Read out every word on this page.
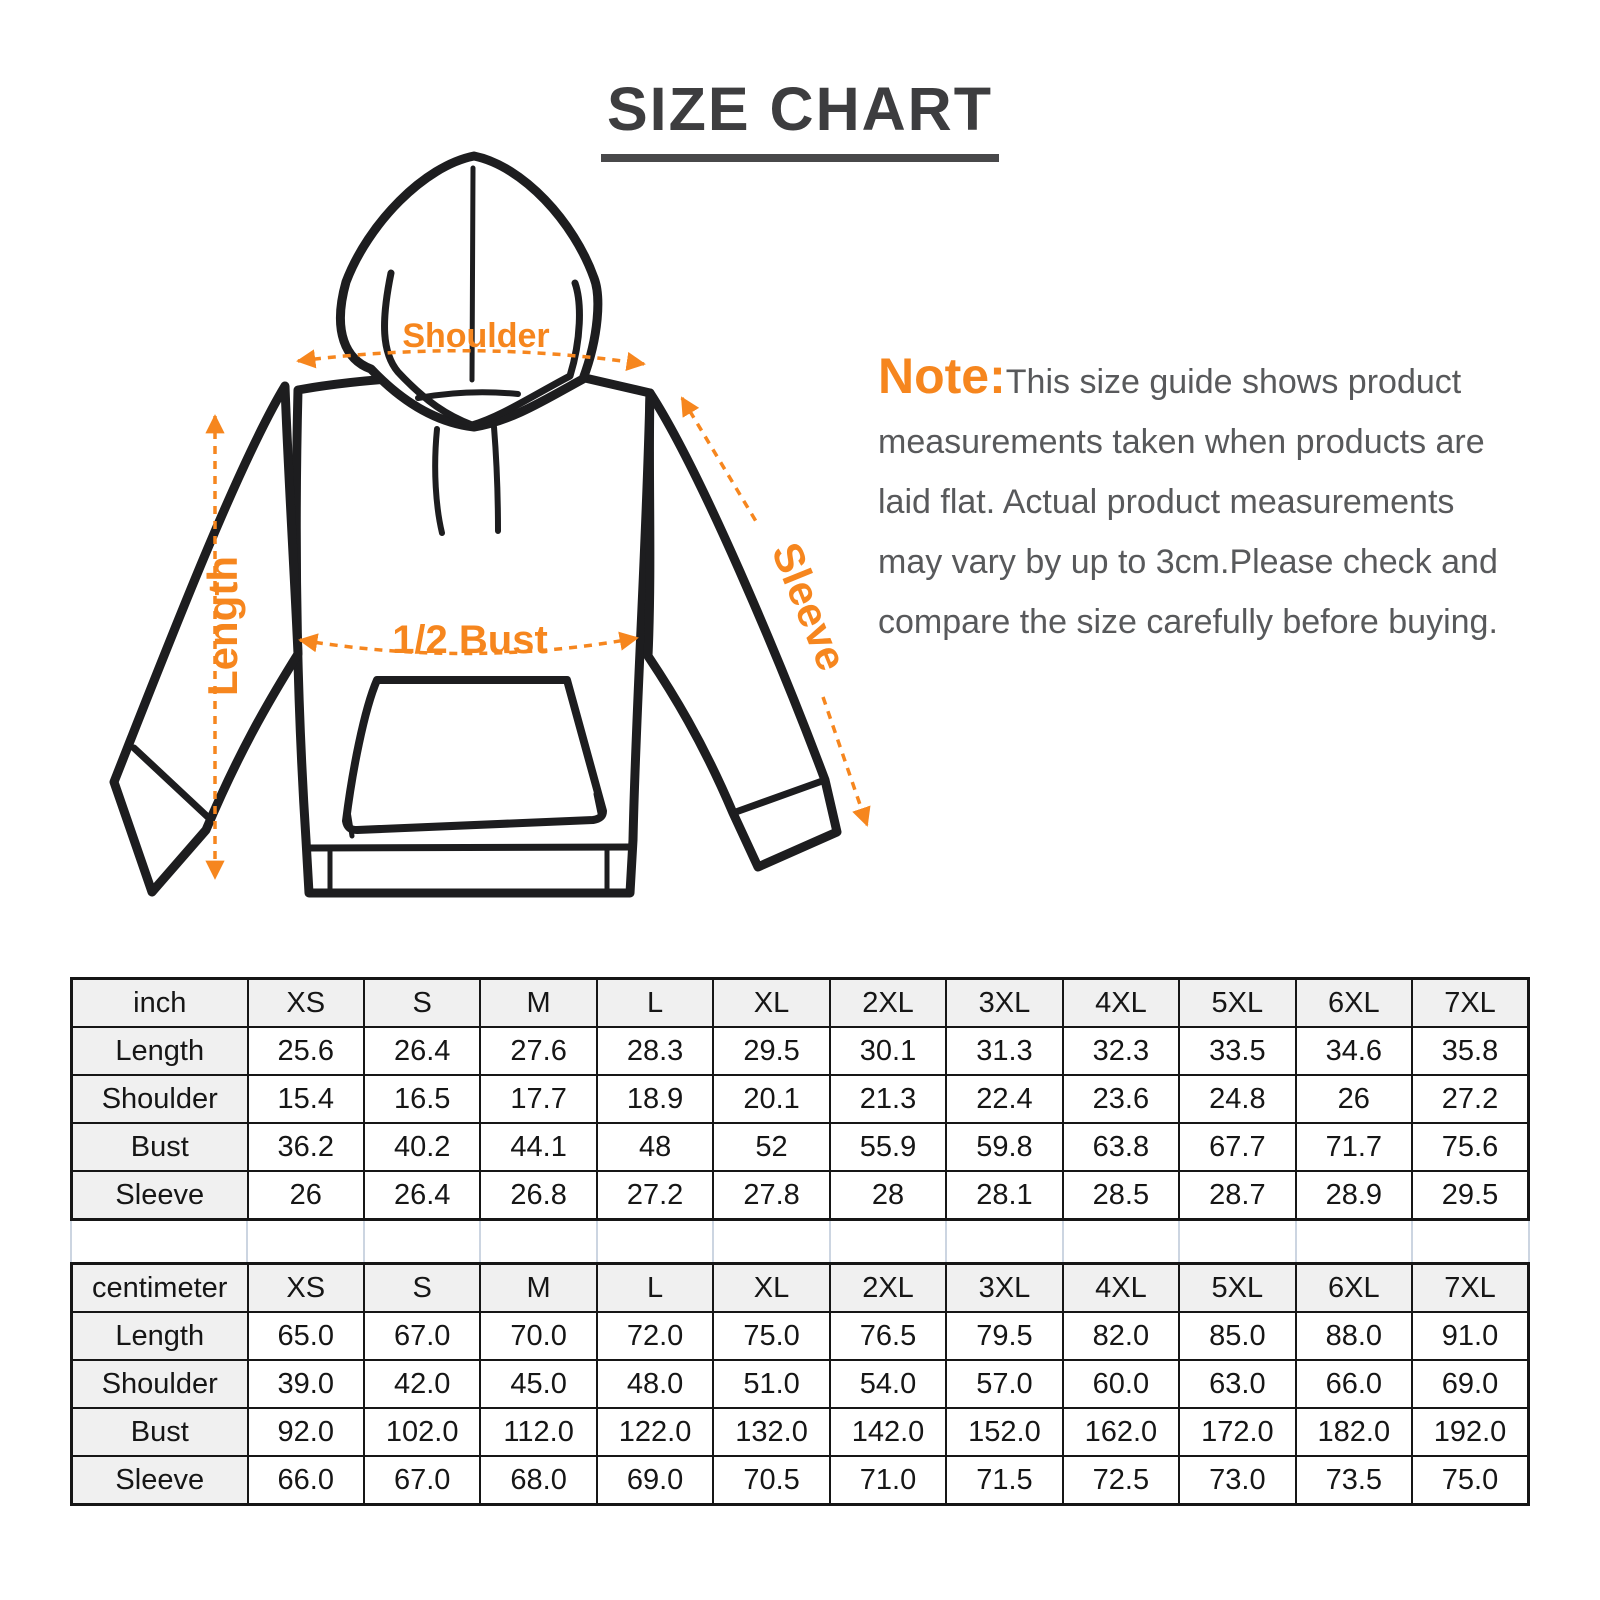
SIZE CHART
Shoulder
Length	1/2 Bust	Sleeve

Note:This size guide shows product measurements taken when products are laid flat. Actual product measurements may vary by up to 3cm.Please check and compare the size carefully before buying.

inch	XS	S	M	L	XL	2XL	3XL	4XL	5XL	6XL	7XL
Length	25.6	26.4	27.6	28.3	29.5	30.1	31.3	32.3	33.5	34.6	35.8
Shoulder	15.4	16.5	17.7	18.9	20.1	21.3	22.4	23.6	24.8	26	27.2
Bust	36.2	40.2	44.1	48	52	55.9	59.8	63.8	67.7	71.7	75.6
Sleeve	26	26.4	26.8	27.2	27.8	28	28.1	28.5	28.7	28.9	29.5

centimeter	XS	S	M	L	XL	2XL	3XL	4XL	5XL	6XL	7XL
Length	65.0	67.0	70.0	72.0	75.0	76.5	79.5	82.0	85.0	88.0	91.0
Shoulder	39.0	42.0	45.0	48.0	51.0	54.0	57.0	60.0	63.0	66.0	69.0
Bust	92.0	102.0	112.0	122.0	132.0	142.0	152.0	162.0	172.0	182.0	192.0
Sleeve	66.0	67.0	68.0	69.0	70.5	71.0	71.5	72.5	73.0	73.5	75.0
